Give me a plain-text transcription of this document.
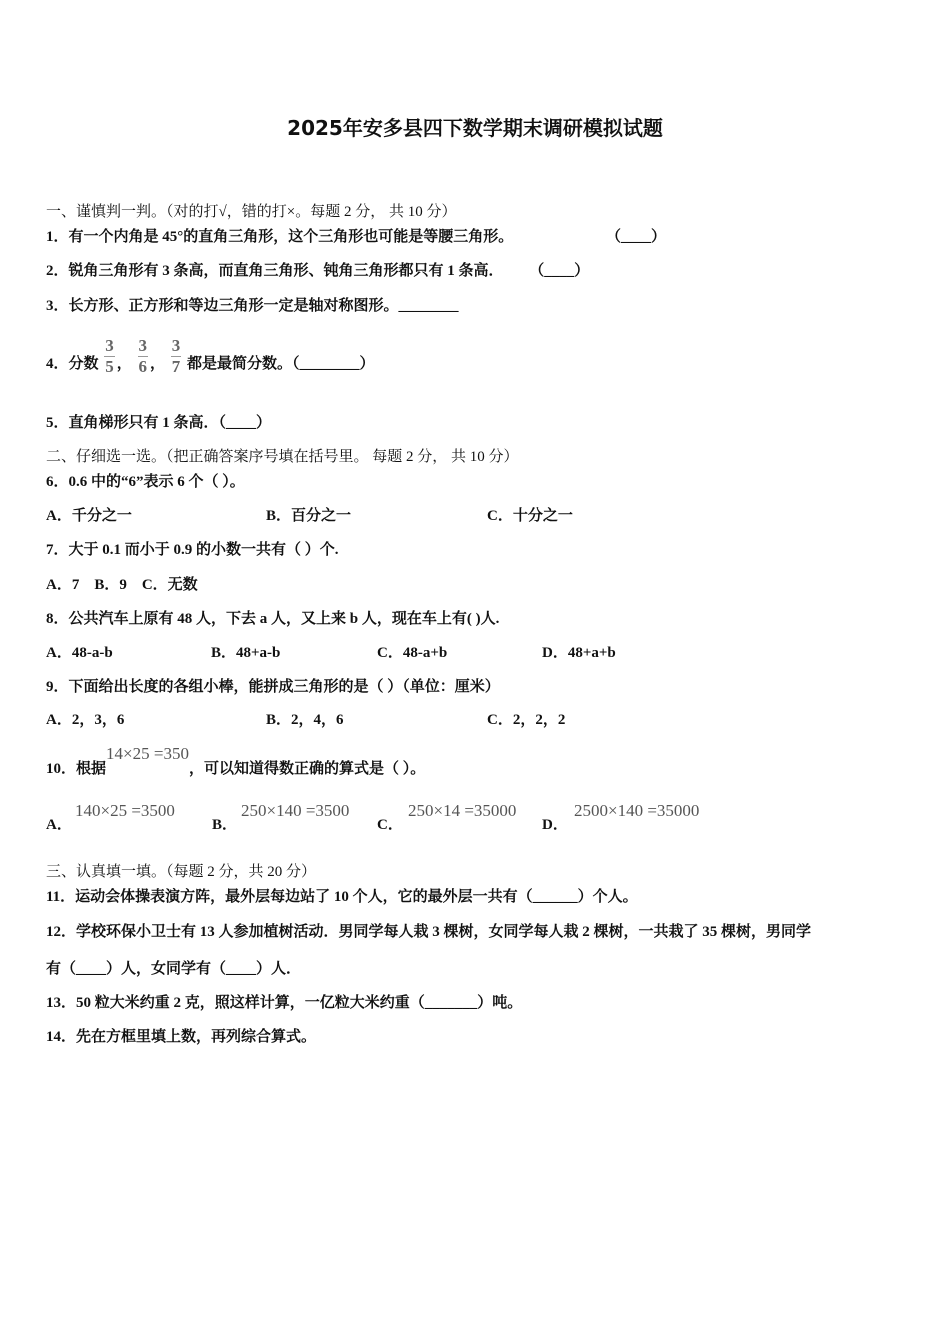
2025年安多县四下数学期末调研模拟试题
一、谨慎判一判。（对的打√，错的打×。每题 2 分， 共 10 分）
1．有一个内角是 45°的直角三角形，这个三角形也可能是等腰三角形。	（____）
2．锐角三角形有 3 条高，而直角三角形、钝角三角形都只有 1 条高． （____）
3．长方形、正方形和等边三角形一定是轴对称图形。________
4．分数 $\frac{3}{5}$ ， $\frac{3}{6}$ ， $\frac{3}{7}$ 都是最简分数。（________）
5．直角梯形只有 1 条高．（____）
二、仔细选一选。（把正确答案序号填在括号里。 每题 2 分， 共 10 分）
6．0.6 中的“6”表示 6 个（ ）。
A．千分之一	B．百分之一	C．十分之一
7．大于 0.1 而小于 0.9 的小数一共有（ ）个.
A．7    B．9    C．无数
8．公共汽车上原有 48 人，下去 a 人，又上来 b 人，现在车上有( )人.
A．48-a-b	B．48+a-b	C．48-a+b	D．48+a+b
9．下面给出长度的各组小棒，能拼成三角形的是（ ）（单位：厘米）
A．2，3，6	B．2，4，6	C．2，2，2
10．根据14×25 =350，可以知道得数正确的算式是（ ）。
A．
140×25 =3500
B．
250×140 =3500
C．
250×14 =35000
D．
2500×140 =35000
三、认真填一填。（每题 2 分，共 20 分）
11．运动会体操表演方阵，最外层每边站了 10 个人，它的最外层一共有（______）个人。
12．学校环保小卫士有 13 人参加植树活动．男同学每人栽 3 棵树，女同学每人栽 2 棵树，一共栽了 35 棵树，男同学
有（____）人，女同学有（____）人．
13．50 粒大米约重 2 克，照这样计算，一亿粒大米约重（_______）吨。
14．先在方框里填上数，再列综合算式。
